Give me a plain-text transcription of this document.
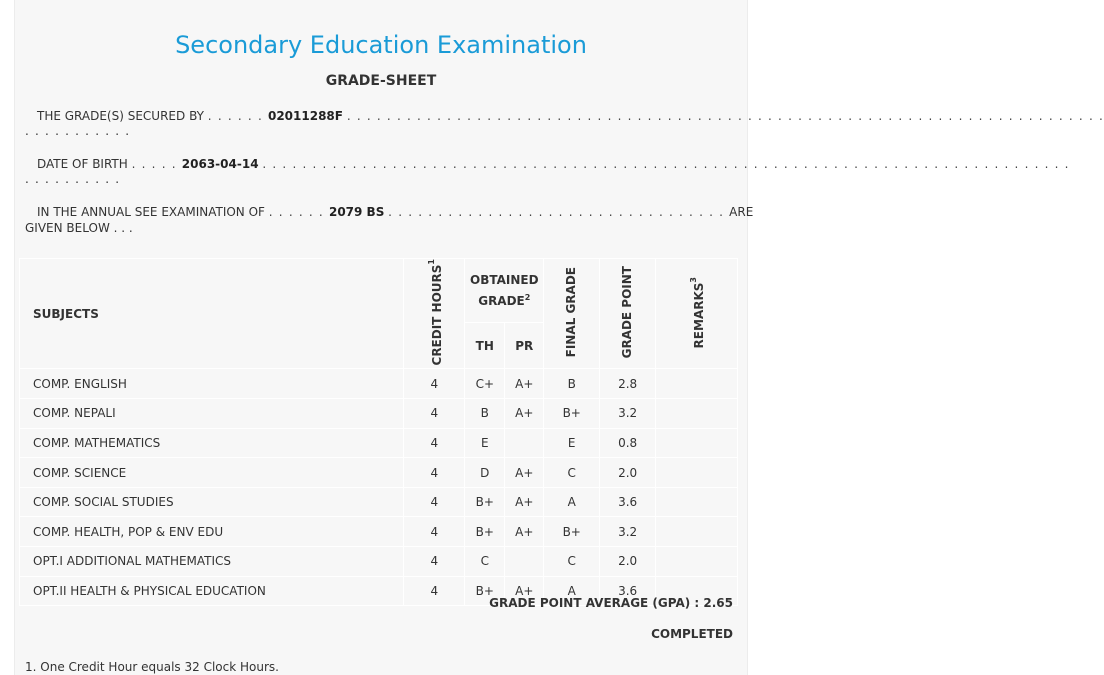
Secondary Education Examination
GRADE-SHEET
THE GRADE(S) SECURED BY . . . . . . 02011288F . . . . . . . . . . . . . . . . . . . . . . . . . . . . . . . . . . . . . . . . . . . . . . . . . . . . . . . . . . . . . . . . . . . . . . . . . . . .
. . . . . . . . . . .
DATE OF BIRTH . . . . . 2063-04-14 . . . . . . . . . . . . . . . . . . . . . . . . . . . . . . . . . . . . . . . . . . . . . . . . . . . . . . . . . . . . . . . . . . . . . . . . . . . . . . . . .
. . . . . . . . . .
IN THE ANNUAL SEE EXAMINATION OF . . . . . . 2079 BS . . . . . . . . . . . . . . . . . . . . . . . . . . . . . . . . . . ARE
GIVEN BELOW . . .
SUBJECTS	CREDIT HOURS$^1$	OBTAINED GRADE$^2$		FINAL GRADE	GRADE POINT	REMARKS$^3$
		TH	PR			
COMP. ENGLISH	4	C+	A+	B	2.8	
COMP. NEPALI	4	B	A+	B+	3.2	
COMP. MATHEMATICS	4	E		E	0.8	
COMP. SCIENCE	4	D	A+	C	2.0	
COMP. SOCIAL STUDIES	4	B+	A+	A	3.6	
COMP. HEALTH, POP & ENV EDU	4	B+	A+	B+	3.2	
OPT.I ADDITIONAL MATHEMATICS	4	C		C	2.0	
OPT.II HEALTH & PHYSICAL EDUCATION	4	B+	A+	A	3.6	
GRADE POINT AVERAGE (GPA) : 2.65
COMPLETED
1. One Credit Hour equals 32 Clock Hours.
